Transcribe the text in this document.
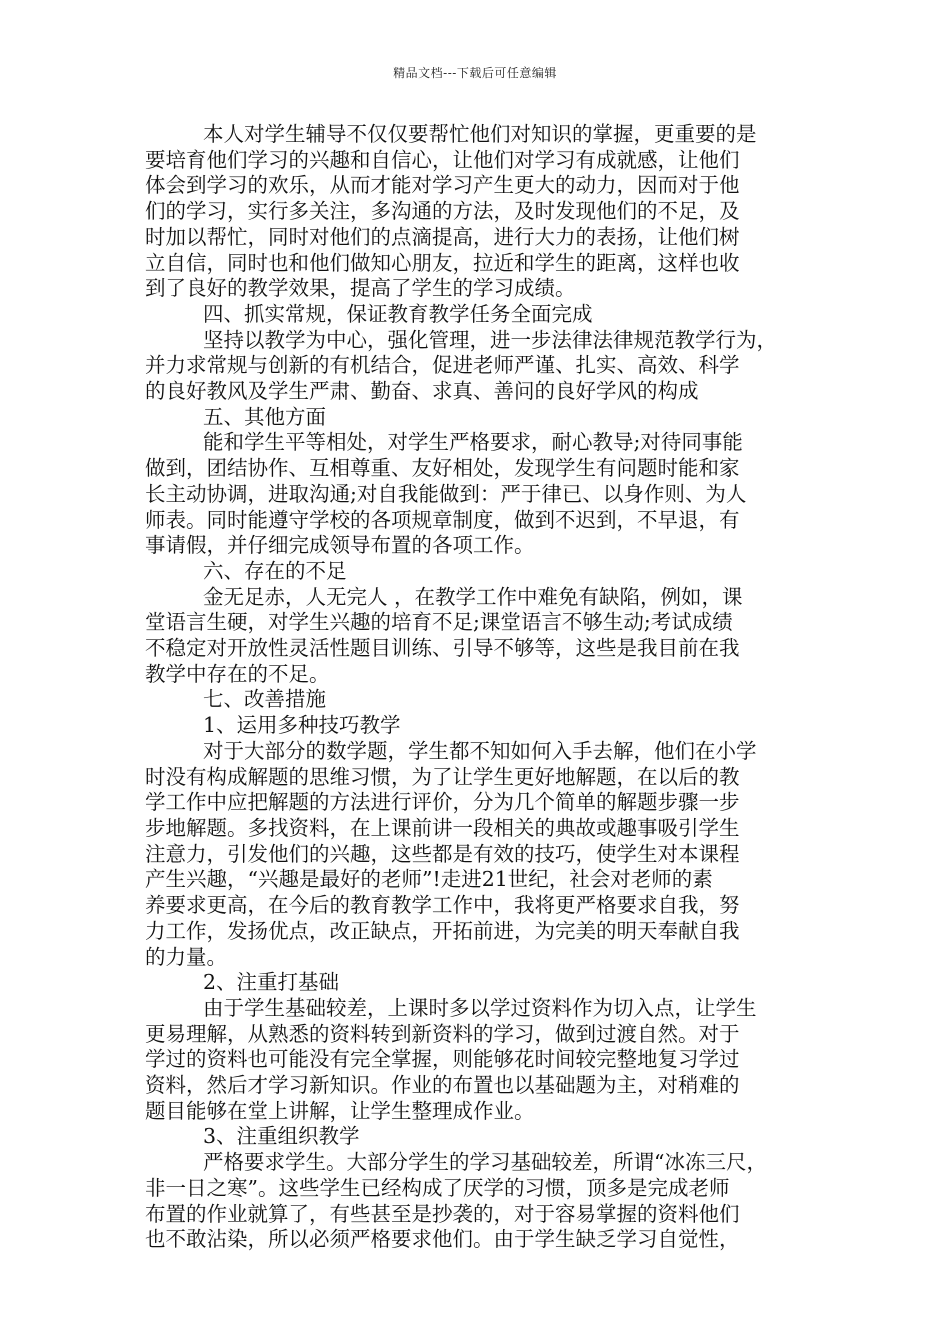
精品文档---下载后可任意编辑
本人对学生辅导不仅仅要帮忙他们对知识的掌握，更重要的是
要培育他们学习的兴趣和自信心，让他们对学习有成就感，让他们
体会到学习的欢乐，从而才能对学习产生更大的动力，因而对于他
们的学习，实行多关注，多沟通的方法，及时发现他们的不足，及
时加以帮忙，同时对他们的点滴提高，进行大力的表扬，让他们树
立自信，同时也和他们做知心朋友，拉近和学生的距离，这样也收
到了良好的教学效果，提高了学生的学习成绩。
四、抓实常规，保证教育教学任务全面完成
坚持以教学为中心，强化管理，进一步法律法律规范教学行为，
并力求常规与创新的有机结合，促进老师严谨、扎实、高效、科学
的良好教风及学生严肃、勤奋、求真、善问的良好学风的构成
五、其他方面
能和学生平等相处，对学生严格要求，耐心教导;对待同事能
做到，团结协作、互相尊重、友好相处，发现学生有问题时能和家
长主动协调，进取沟通;对自我能做到：严于律已、以身作则、为人
师表。同时能遵守学校的各项规章制度，做到不迟到，不早退，有
事请假，并仔细完成领导布置的各项工作。
六、存在的不足
金无足赤，人无完人 ，在教学工作中难免有缺陷，例如，课
堂语言生硬，对学生兴趣的培育不足;课堂语言不够生动;考试成绩
不稳定对开放性灵活性题目训练、引导不够等，这些是我目前在我
教学中存在的不足。
七、改善措施
1、运用多种技巧教学
对于大部分的数学题，学生都不知如何入手去解，他们在小学
时没有构成解题的思维习惯，为了让学生更好地解题，在以后的教
学工作中应把解题的方法进行评价，分为几个简单的解题步骤一步
步地解题。多找资料，在上课前讲一段相关的典故或趣事吸引学生
注意力，引发他们的兴趣，这些都是有效的技巧，使学生对本课程
产生兴趣，“兴趣是最好的老师”!走进21世纪，社会对老师的素
养要求更高，在今后的教育教学工作中，我将更严格要求自我，努
力工作，发扬优点，改正缺点，开拓前进，为完美的明天奉献自我
的力量。
2、注重打基础
由于学生基础较差，上课时多以学过资料作为切入点，让学生
更易理解，从熟悉的资料转到新资料的学习，做到过渡自然。对于
学过的资料也可能没有完全掌握，则能够花时间较完整地复习学过
资料，然后才学习新知识。作业的布置也以基础题为主，对稍难的
题目能够在堂上讲解，让学生整理成作业。
3、注重组织教学
严格要求学生。大部分学生的学习基础较差，所谓“冰冻三尺，
非一日之寒”。这些学生已经构成了厌学的习惯，顶多是完成老师
布置的作业就算了，有些甚至是抄袭的，对于容易掌握的资料他们
也不敢沾染，所以必须严格要求他们。由于学生缺乏学习自觉性，
